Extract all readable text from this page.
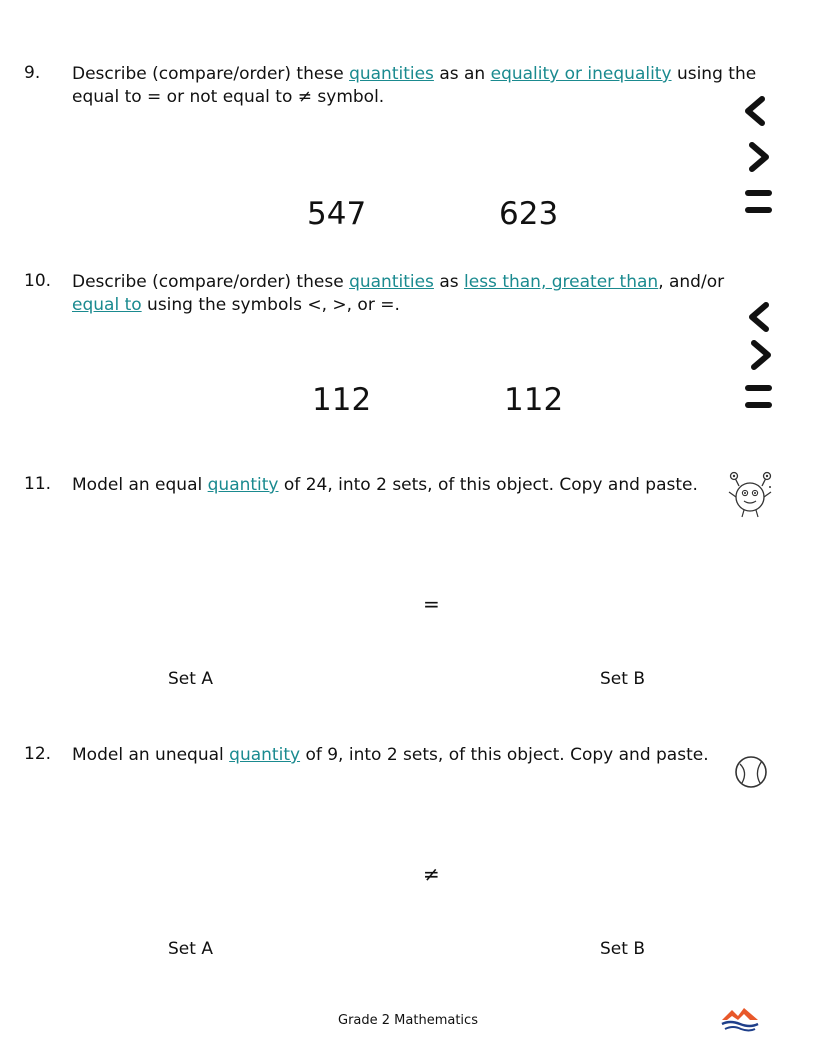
9. Describe (compare/order) these quantities as an equality or inequality using the equal to = or not equal to ≠ symbol.
547	623
10. Describe (compare/order) these quantities as less than, greater than, and/or equal to using the symbols <, >, or =.
112	112
11. Model an equal quantity of 24, into 2 sets, of this object. Copy and paste.
=
Set A	Set B
12. Model an unequal quantity of 9, into 2 sets, of this object. Copy and paste.
≠
Set A	Set B
Grade 2 Mathematics
